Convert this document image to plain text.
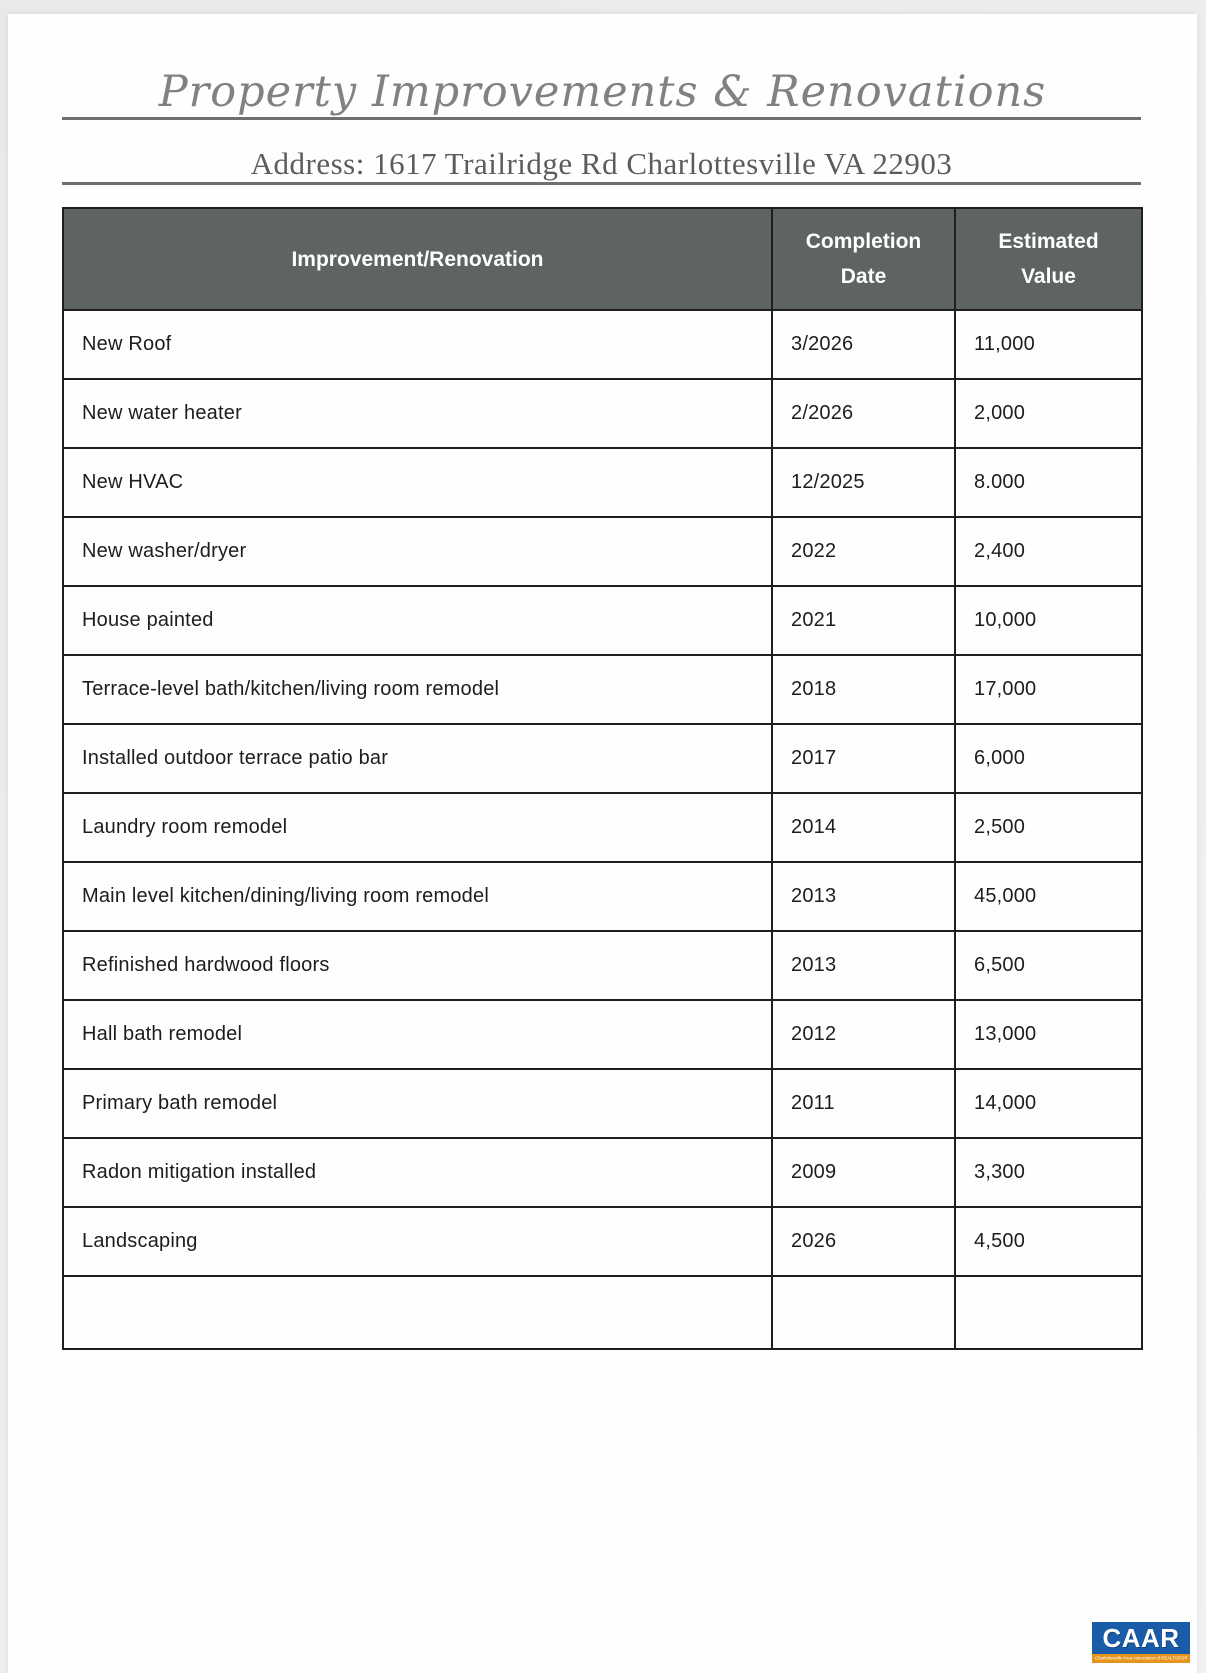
Property Improvements & Renovations
Address: 1617 Trailridge Rd Charlottesville VA 22903
Improvement/Renovation	Completion Date	Estimated Value
New Roof	3/2026	11,000
New water heater	2/2026	2,000
New HVAC	12/2025	8.000
New washer/dryer	2022	2,400
House painted	2021	10,000
Terrace-level bath/kitchen/living room remodel	2018	17,000
Installed outdoor terrace patio bar	2017	6,000
Laundry room remodel	2014	2,500
Main level kitchen/dining/living room remodel	2013	45,000
Refinished hardwood floors	2013	6,500
Hall bath remodel	2012	13,000
Primary bath remodel	2011	14,000
Radon mitigation installed	2009	3,300
Landscaping	2026	4,500

CAAR
Charlottesville Area Association of REALTORS®
